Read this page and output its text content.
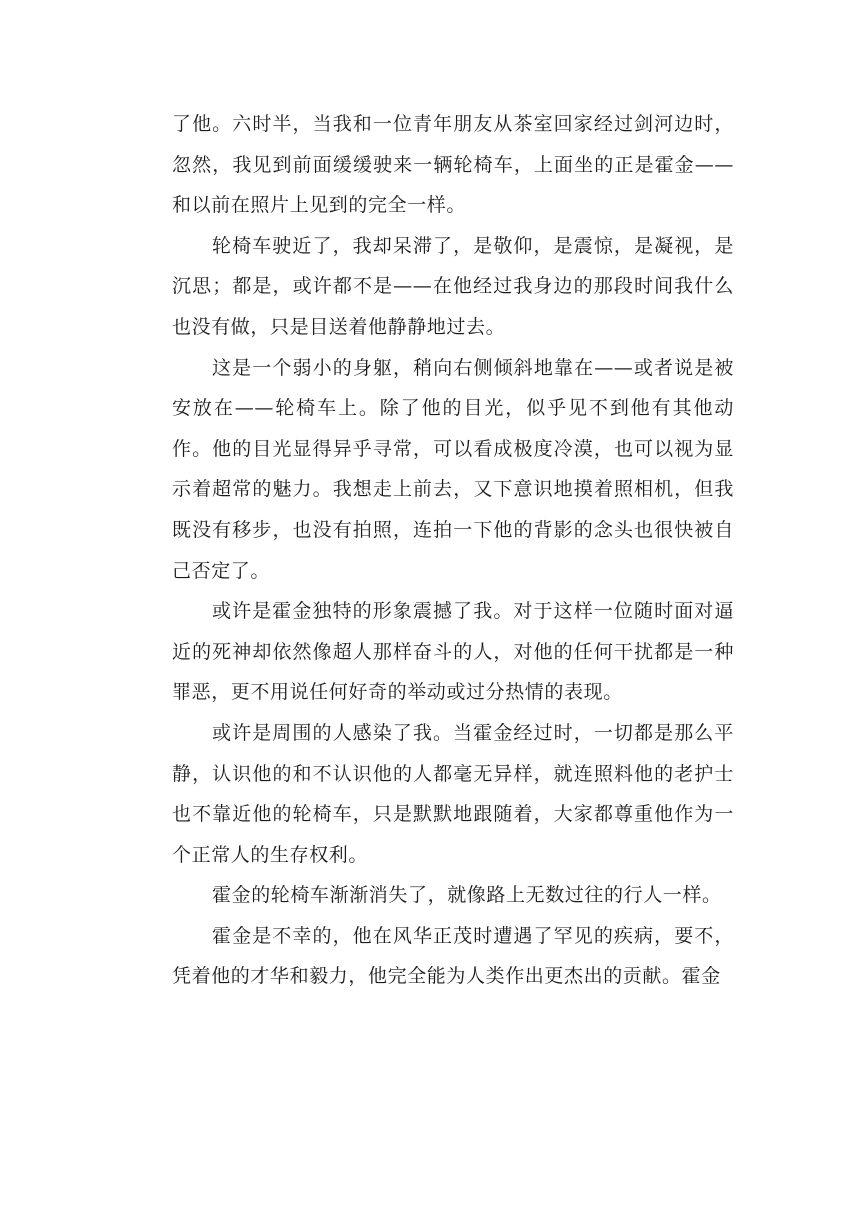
了他。六时半，当我和一位青年朋友从茶室回家经过剑河边时，忽然，我见到前面缓缓驶来一辆轮椅车，上面坐的正是霍金——和以前在照片上见到的完全一样。

轮椅车驶近了，我却呆滞了，是敬仰，是震惊，是凝视，是沉思；都是，或许都不是——在他经过我身边的那段时间我什么也没有做，只是目送着他静静地过去。

这是一个弱小的身躯，稍向右侧倾斜地靠在——或者说是被安放在——轮椅车上。除了他的目光，似乎见不到他有其他动作。他的目光显得异乎寻常，可以看成极度冷漠，也可以视为显示着超常的魅力。我想走上前去，又下意识地摸着照相机，但我既没有移步，也没有拍照，连拍一下他的背影的念头也很快被自己否定了。

或许是霍金独特的形象震撼了我。对于这样一位随时面对逼近的死神却依然像超人那样奋斗的人，对他的任何干扰都是一种罪恶，更不用说任何好奇的举动或过分热情的表现。

或许是周围的人感染了我。当霍金经过时，一切都是那么平静，认识他的和不认识他的人都毫无异样，就连照料他的老护士也不靠近他的轮椅车，只是默默地跟随着，大家都尊重他作为一个正常人的生存权利。

霍金的轮椅车渐渐消失了，就像路上无数过往的行人一样。

霍金是不幸的，他在风华正茂时遭遇了罕见的疾病，要不，凭着他的才华和毅力，他完全能为人类作出更杰出的贡献。霍金
